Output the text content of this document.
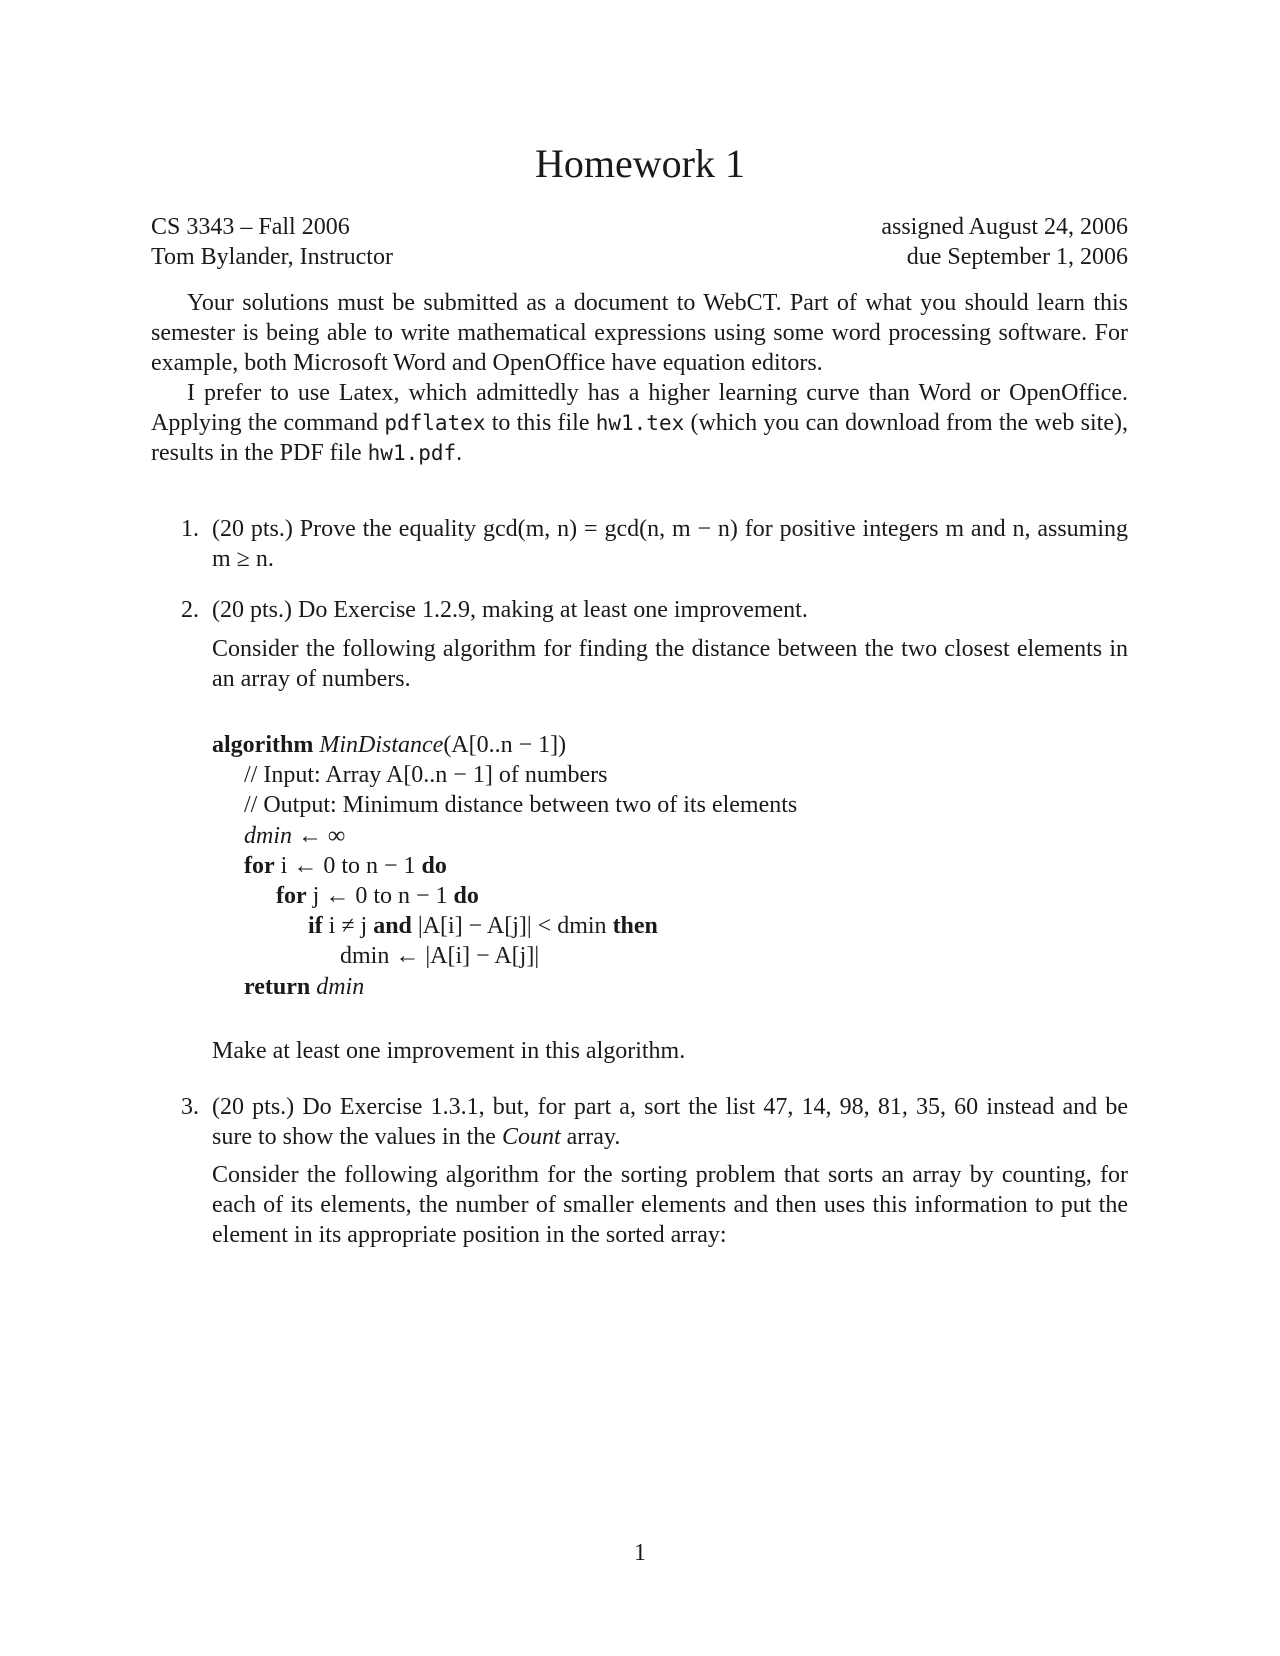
Homework 1
CS 3343 – Fall 2006
Tom Bylander, Instructor
assigned August 24, 2006
due September 1, 2006

Your solutions must be submitted as a document to WebCT. Part of what you should learn this semester is being able to write mathematical expressions using some word processing software. For example, both Microsoft Word and OpenOffice have equation editors.

I prefer to use Latex, which admittedly has a higher learning curve than Word or OpenOffice. Applying the command pdflatex to this file hw1.tex (which you can download from the web site), results in the PDF file hw1.pdf.

1. (20 pts.) Prove the equality gcd(m, n) = gcd(n, m − n) for positive integers m and n, assuming m ≥ n.
2. (20 pts.) Do Exercise 1.2.9, making at least one improvement.

Consider the following algorithm for finding the distance between the two closest elements in an array of numbers.

algorithm MinDistance(A[0..n − 1])
// Input: Array A[0..n − 1] of numbers
// Output: Minimum distance between two of its elements
dmin ← ∞
for i ← 0 to n − 1 do
for j ← 0 to n − 1 do
if i ≠ j and |A[i] − A[j]| < dmin then
dmin ← |A[i] − A[j]|
return dmin

Make at least one improvement in this algorithm.

3. (20 pts.) Do Exercise 1.3.1, but, for part a, sort the list 47, 14, 98, 81, 35, 60 instead and be sure to show the values in the Count array.

Consider the following algorithm for the sorting problem that sorts an array by counting, for each of its elements, the number of smaller elements and then uses this information to put the element in its appropriate position in the sorted array:

1
